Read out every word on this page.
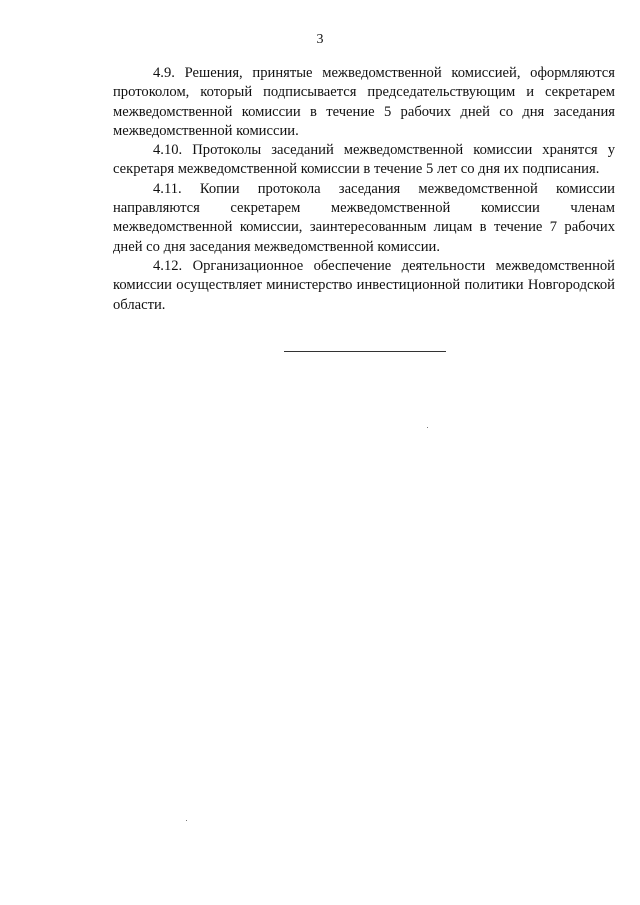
3

4.9. Решения, принятые межведомственной комиссией, оформляются протоколом, который подписывается председательствующим и секретарем межведомственной комиссии в течение 5 рабочих дней со дня заседания межведомственной комиссии.

4.10. Протоколы заседаний межведомственной комиссии хранятся у секретаря межведомственной комиссии в течение 5 лет со дня их подписания.

4.11. Копии протокола заседания межведомственной комиссии направляются секретарем межведомственной комиссии членам межведомственной комиссии, заинтересованным лицам в течение 7 рабочих дней со дня заседания межведомственной комиссии.

4.12. Организационное обеспечение деятельности межведомственной комиссии осуществляет министерство инвестиционной политики Новгородской области.
